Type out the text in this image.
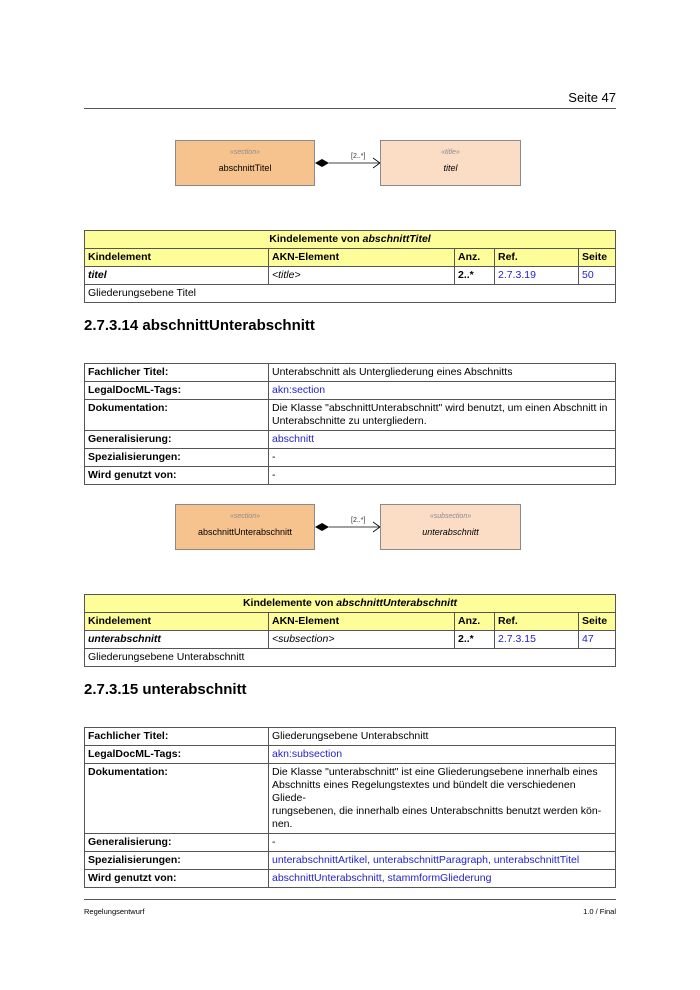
Seite 47
«section»
abschnittTitel
[2..*]
«title»
titel
Kindelemente von abschnittTitel				
Kindelement	AKN-Element	Anz.	Ref.	Seite
titel	<title>	2..*	2.7.3.19	50
Gliederungsebene Titel				
2.7.3.14 abschnittUnterabschnitt
Fachlicher Titel:	Unterabschnitt als Untergliederung eines Abschnitts
LegalDocML-Tags:	akn:section
Dokumentation:	Die Klasse "abschnittUnterabschnitt" wird benutzt, um einen Abschnitt in
Unterabschnitte zu untergliedern.

Generalisierung:	abschnitt
Spezialisierungen:	-
Wird genutzt von:	-
«section»
abschnittUnterabschnitt
[2..*]
«subsection»
unterabschnitt
Kindelemente von abschnittUnterabschnitt				
Kindelement	AKN-Element	Anz.	Ref.	Seite
unterabschnitt	<subsection>	2..*	2.7.3.15	47
Gliederungsebene Unterabschnitt				
2.7.3.15 unterabschnitt
Fachlicher Titel:	Gliederungsebene Unterabschnitt
LegalDocML-Tags:	akn:subsection
Dokumentation:	Die Klasse "unterabschnitt" ist eine Gliederungsebene innerhalb eines
Abschnitts eines Regelungstextes und bündelt die verschiedenen Gliede-
rungsebenen, die innerhalb eines Unterabschnitts benutzt werden kön-
nen.

Generalisierung:	-
Spezialisierungen:	unterabschnittArtikel, unterabschnittParagraph, unterabschnittTitel
Wird genutzt von:	abschnittUnterabschnitt, stammformGliederung
Regelungsentwurf	1.0 / Final
